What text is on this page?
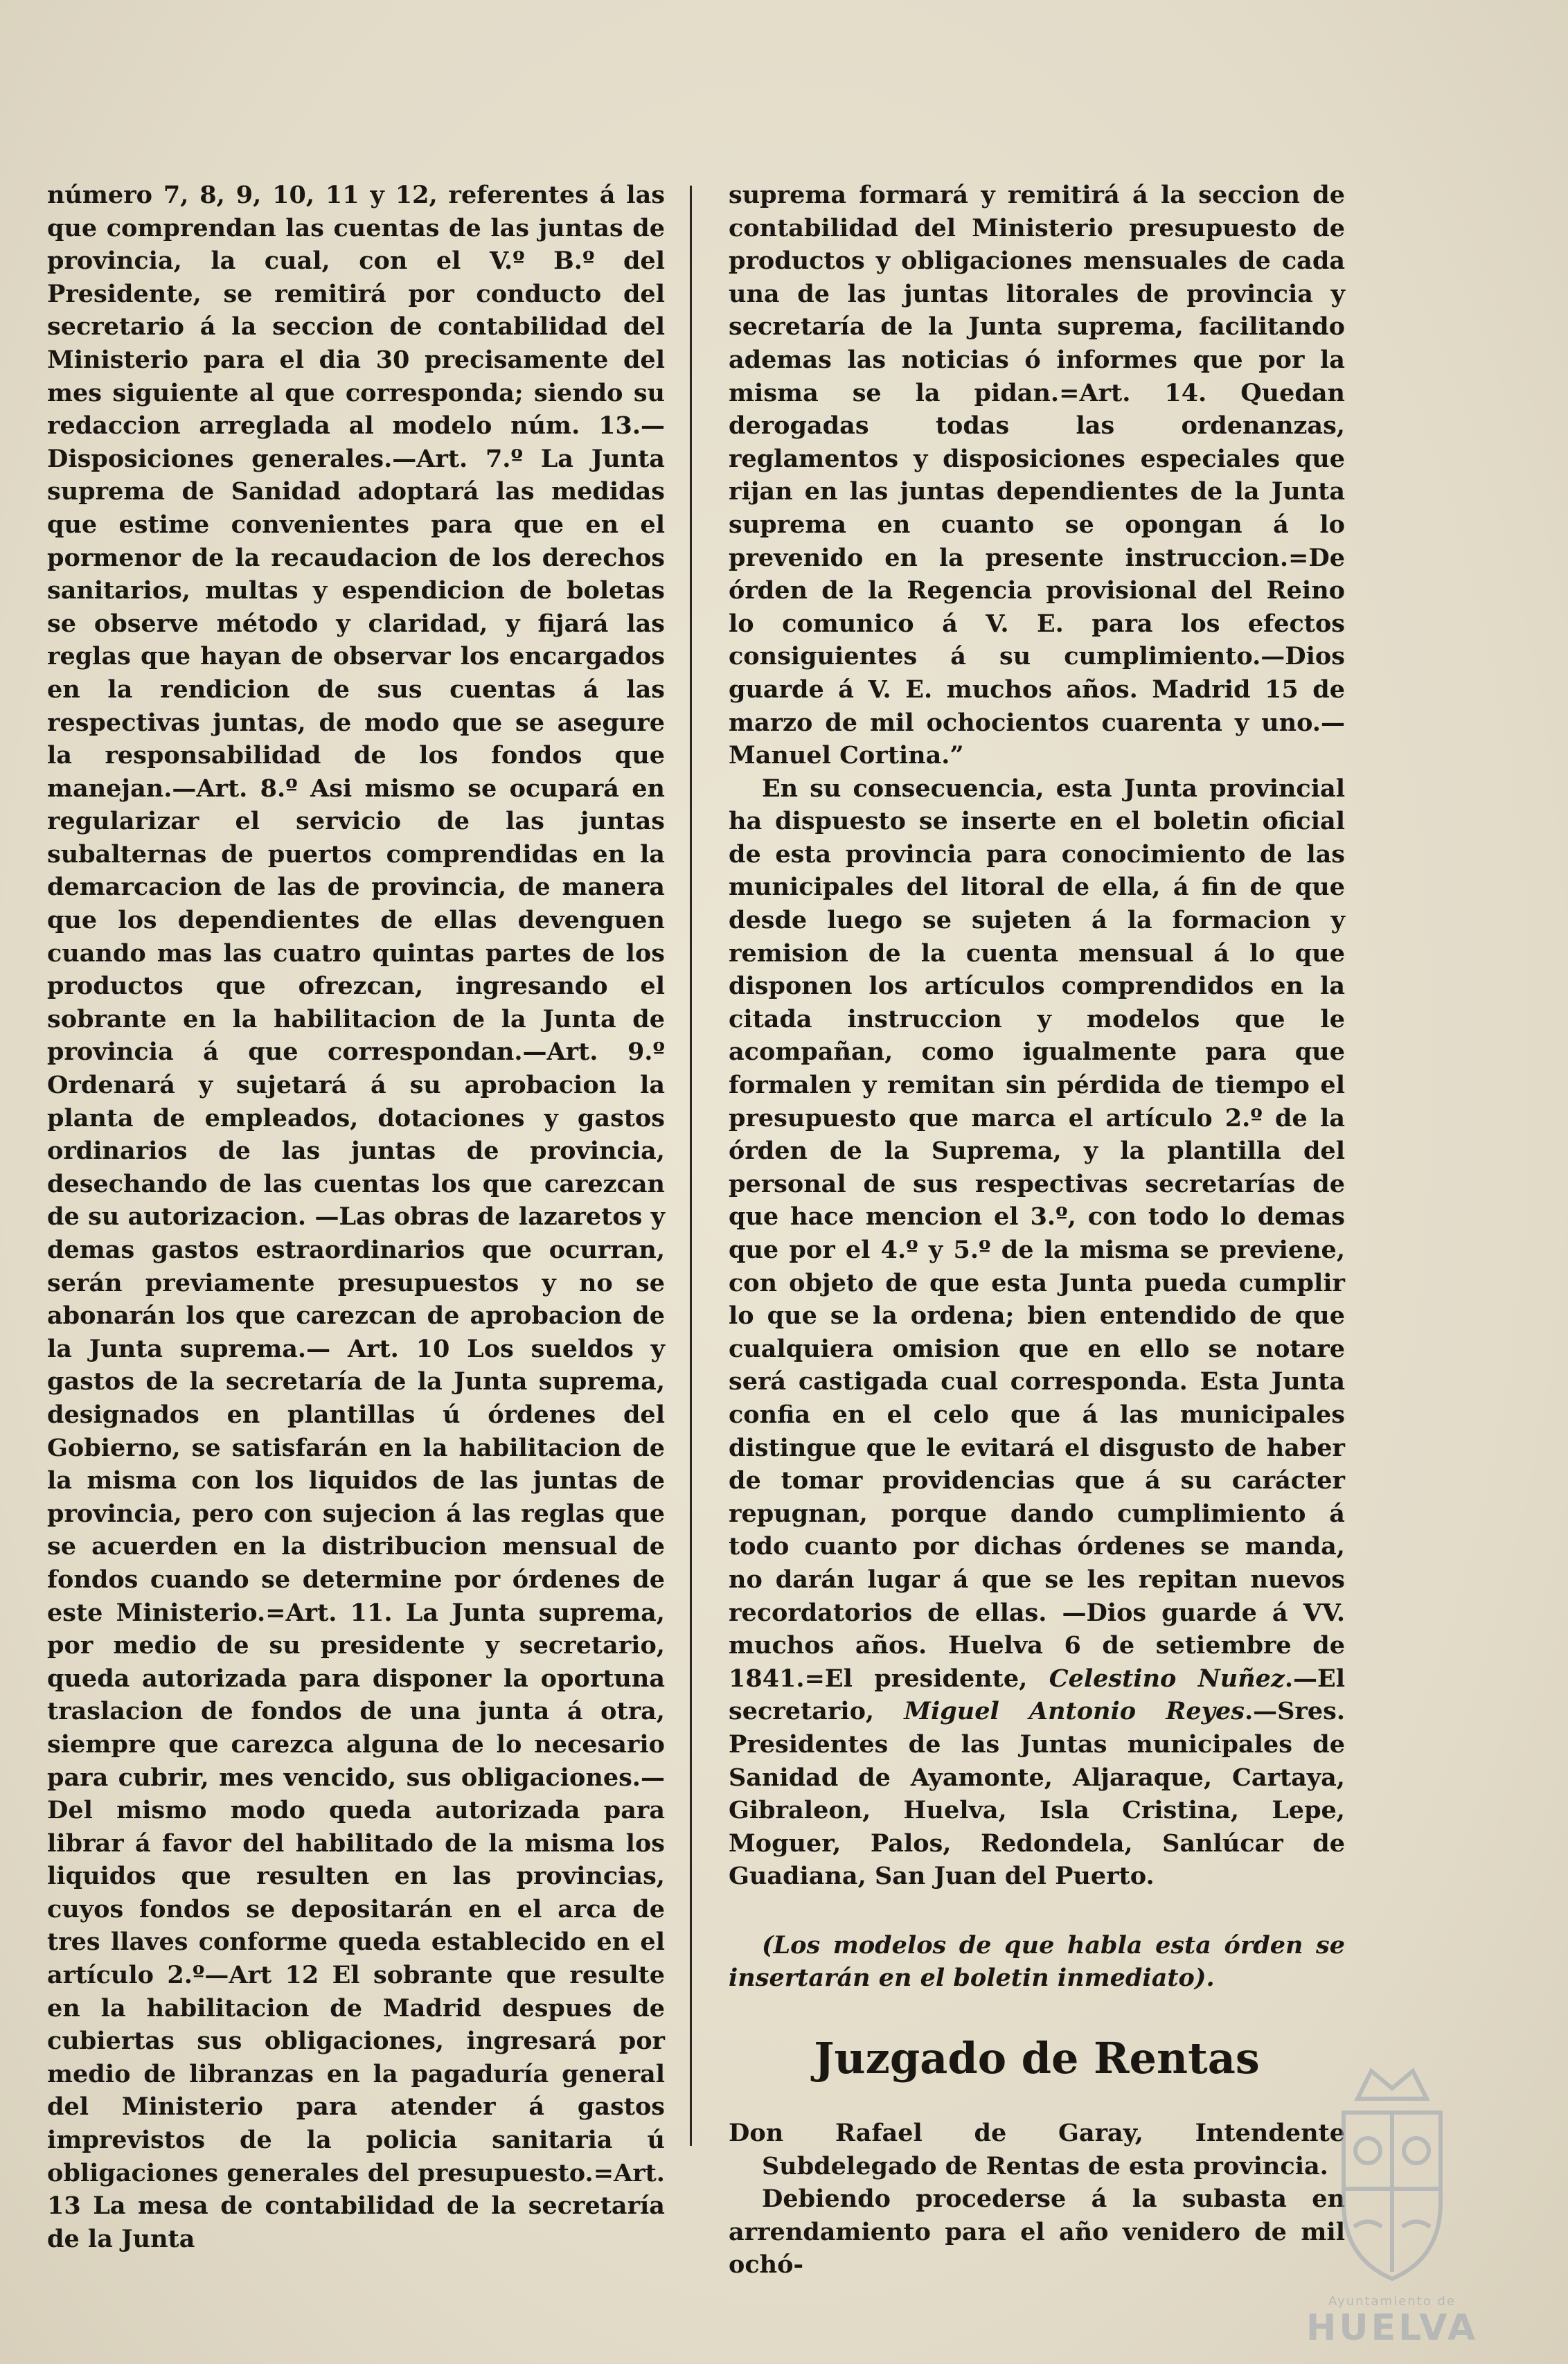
número 7, 8, 9, 10, 11 y 12, referentes á las que comprendan las cuentas de las juntas de provincia, la cual, con el V.º B.º del Presidente, se remitirá por conducto del secretario á la seccion de contabilidad del Ministerio para el dia 30 precisamente del mes siguiente al que corresponda; siendo su redaccion arreglada al modelo núm. 13.—Disposiciones generales.—Art. 7.º La Junta suprema de Sanidad adoptará las medidas que estime convenientes para que en el pormenor de la recaudacion de los derechos sanitarios, multas y espendicion de boletas se observe método y claridad, y fijará las reglas que hayan de observar los encargados en la rendicion de sus cuentas á las respectivas juntas, de modo que se asegure la responsabilidad de los fondos que manejan.—Art. 8.º Asi mismo se ocupará en regularizar el servicio de las juntas subalternas de puertos comprendidas en la demarcacion de las de provincia, de manera que los dependientes de ellas devenguen cuando mas las cuatro quintas partes de los productos que ofrezcan, ingresando el sobrante en la habilitacion de la Junta de provincia á que correspondan.—Art. 9.º Ordenará y sujetará á su aprobacion la planta de empleados, dotaciones y gastos ordinarios de las juntas de provincia, desechando de las cuentas los que carezcan de su autorizacion. —Las obras de lazaretos y demas gastos estraordinarios que ocurran, serán previamente presupuestos y no se abonarán los que carezcan de aprobacion de la Junta suprema.— Art. 10 Los sueldos y gastos de la secretaría de la Junta suprema, designados en plantillas ú órdenes del Gobierno, se satisfarán en la habilitacion de la misma con los liquidos de las juntas de provincia, pero con sujecion á las reglas que se acuerden en la distribucion mensual de fondos cuando se determine por órdenes de este Ministerio.=Art. 11. La Junta suprema, por medio de su presidente y secretario, queda autorizada para disponer la oportuna traslacion de fondos de una junta á otra, siempre que carezca alguna de lo necesario para cubrir, mes vencido, sus obligaciones.—Del mismo modo queda autorizada para librar á favor del habilitado de la misma los liquidos que resulten en las provincias, cuyos fondos se depositarán en el arca de tres llaves conforme queda establecido en el artículo 2.º—Art 12 El sobrante que resulte en la habilitacion de Madrid despues de cubiertas sus obligaciones, ingresará por medio de libranzas en la pagaduría general del Ministerio para atender á gastos imprevistos de la policia sanitaria ú obligaciones generales del presupuesto.=Art. 13 La mesa de contabilidad de la secretaría de la Junta

suprema formará y remitirá á la seccion de contabilidad del Ministerio presupuesto de productos y obligaciones mensuales de cada una de las juntas litorales de provincia y secretaría de la Junta suprema, facilitando ademas las noticias ó informes que por la misma se la pidan.=Art. 14. Quedan derogadas todas las ordenanzas, reglamentos y disposiciones especiales que rijan en las juntas dependientes de la Junta suprema en cuanto se opongan á lo prevenido en la presente instruccion.=De órden de la Regencia provisional del Reino lo comunico á V. E. para los efectos consiguientes á su cumplimiento.—Dios guarde á V. E. muchos años. Madrid 15 de marzo de mil ochocientos cuarenta y uno.— Manuel Cortina.”

En su consecuencia, esta Junta provincial ha dispuesto se inserte en el boletin oficial de esta provincia para conocimiento de las municipales del litoral de ella, á fin de que desde luego se sujeten á la formacion y remision de la cuenta mensual á lo que disponen los artículos comprendidos en la citada instruccion y modelos que le acompañan, como igualmente para que formalen y remitan sin pérdida de tiempo el presupuesto que marca el artículo 2.º de la órden de la Suprema, y la plantilla del personal de sus respectivas secretarías de que hace mencion el 3.º, con todo lo demas que por el 4.º y 5.º de la misma se previene, con objeto de que esta Junta pueda cumplir lo que se la ordena; bien entendido de que cualquiera omision que en ello se notare será castigada cual corresponda. Esta Junta confia en el celo que á las municipales distingue que le evitará el disgusto de haber de tomar providencias que á su carácter repugnan, porque dando cumplimiento á todo cuanto por dichas órdenes se manda, no darán lugar á que se les repitan nuevos recordatorios de ellas. —Dios guarde á VV. muchos años. Huelva 6 de setiembre de 1841.=El presidente, Celestino Nuñez.—El secretario, Miguel Antonio Reyes.—Sres. Presidentes de las Juntas municipales de Sanidad de Ayamonte, Aljaraque, Cartaya, Gibraleon, Huelva, Isla Cristina, Lepe, Moguer, Palos, Redondela, Sanlúcar de Guadiana, San Juan del Puerto.

(Los modelos de que habla esta órden se insertarán en el boletin inmediato).

Juzgado de Rentas

Don Rafael de Garay, Intendente Subdelegado de Rentas de esta provincia.

Debiendo procederse á la subasta en arrendamiento para el año venidero de mil ochó-

Ayuntamiento de
HUELVA
